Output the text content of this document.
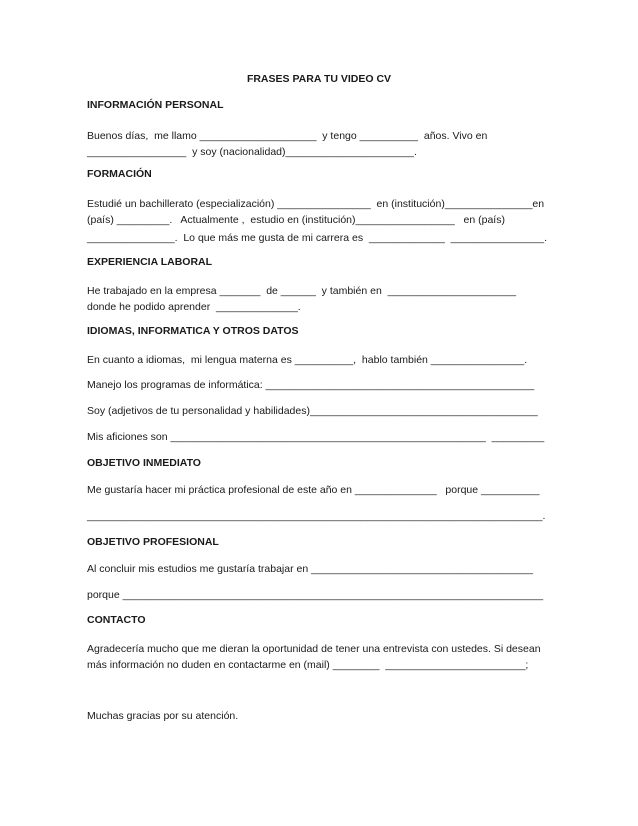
FRASES PARA TU VIDEO CV
INFORMACIÓN PERSONAL
Buenos días,  me llamo ____________________  y tengo __________  años. Vivo en
_________________  y soy (nacionalidad)______________________.
FORMACIÓN
Estudié un bachillerato (especialización) ________________  en (institución)_______________en
(país) _________.   Actualmente ,  estudio en (institución)_________________   en (país)
_______________.  Lo que más me gusta de mi carrera es  _____________  ________________.
EXPERIENCIA LABORAL
He trabajado en la empresa _______  de ______  y también en  ______________________
donde he podido aprender  ______________.
IDIOMAS, INFORMATICA Y OTROS DATOS
En cuanto a idiomas,  mi lengua materna es __________,  hablo también ________________.
Manejo los programas de informática: ______________________________________________
Soy (adjetivos de tu personalidad y habilidades)_______________________________________
Mis aficiones son ______________________________________________________  _________
OBJETIVO INMEDIATO
Me gustaría hacer mi práctica profesional de este año en ______________   porque __________
______________________________________________________________________________.
OBJETIVO PROFESIONAL
Al concluir mis estudios me gustaría trabajar en ______________________________________
porque ________________________________________________________________________
CONTACTO
Agradecería mucho que me dieran la oportunidad de tener una entrevista con ustedes. Si desean
más información no duden en contactarme en (mail) ________  ________________________;
Muchas gracias por su atención.
